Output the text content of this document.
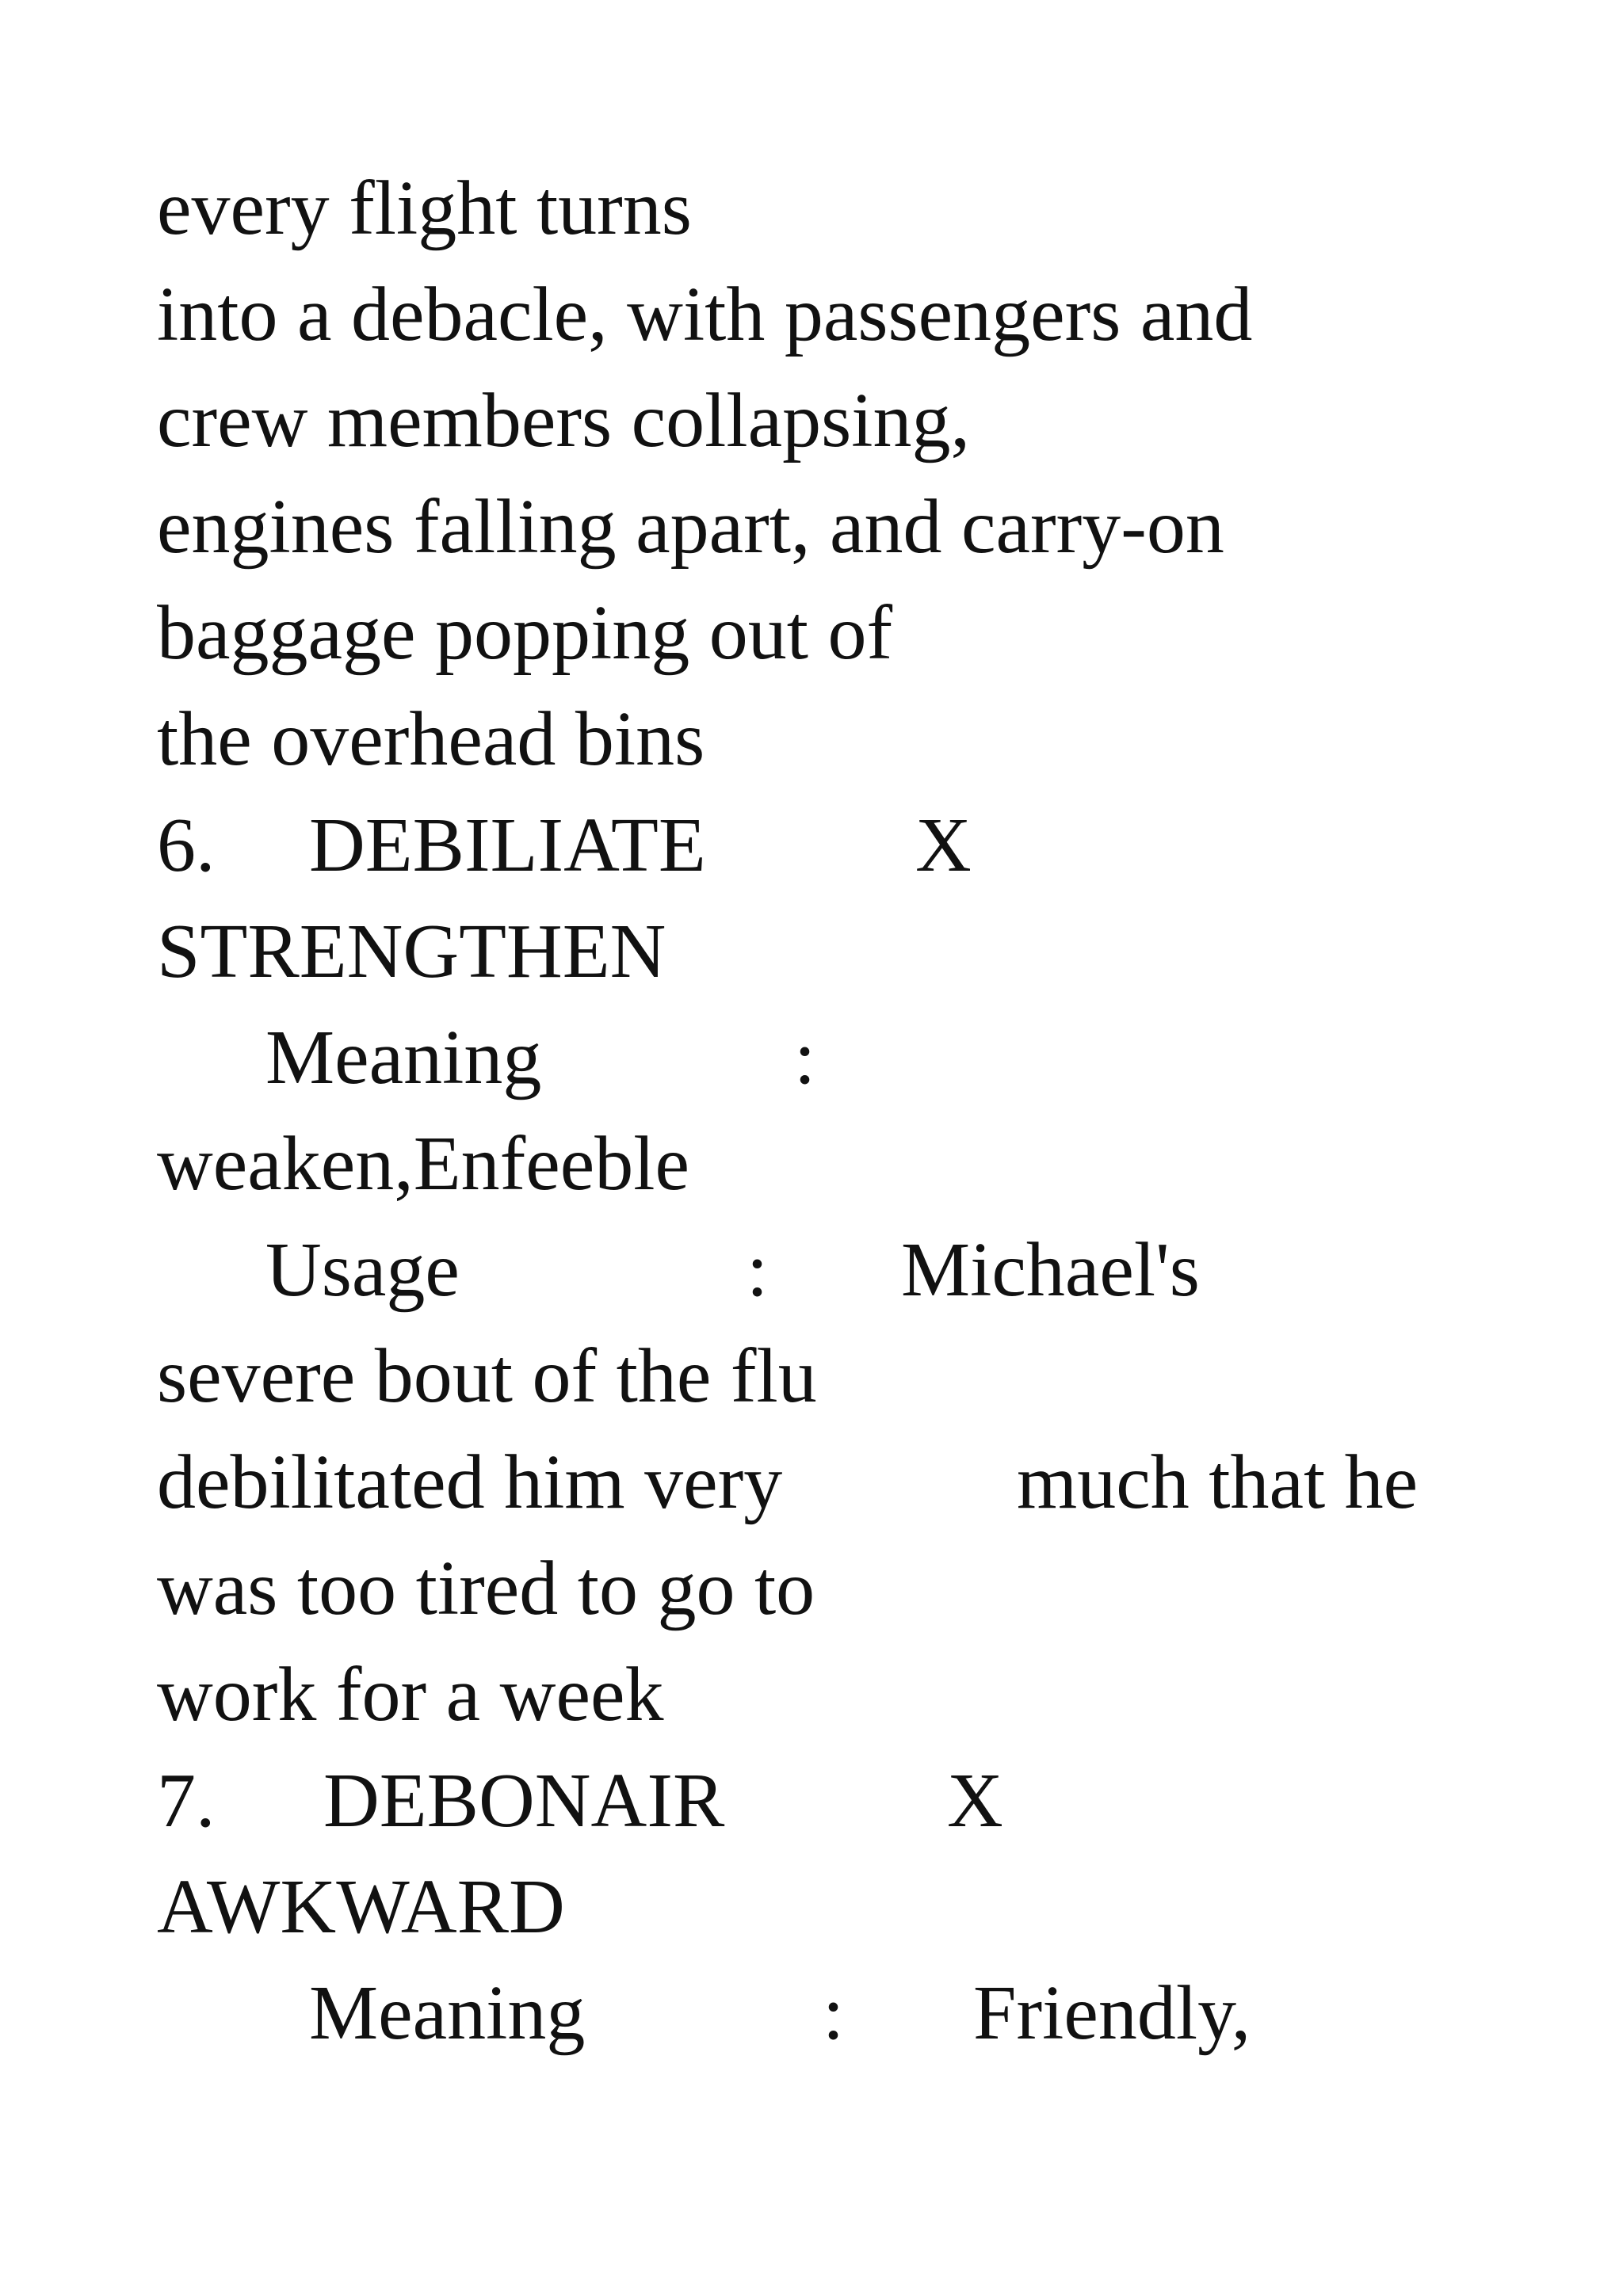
every flight turns
into a debacle, with passengers and
crew members collapsing,
engines falling apart, and carry-on
baggage popping out of
the overhead bins
6. DEBILIATE	X
STRENGTHEN
Meaning	:
weaken,Enfeeble
Usage	: Michael's
severe bout of the flu
debilitated him very	much that he
was too tired to go to
work for a week
7. DEBONAIR	X
AWKWARD
Meaning	: Friendly,
